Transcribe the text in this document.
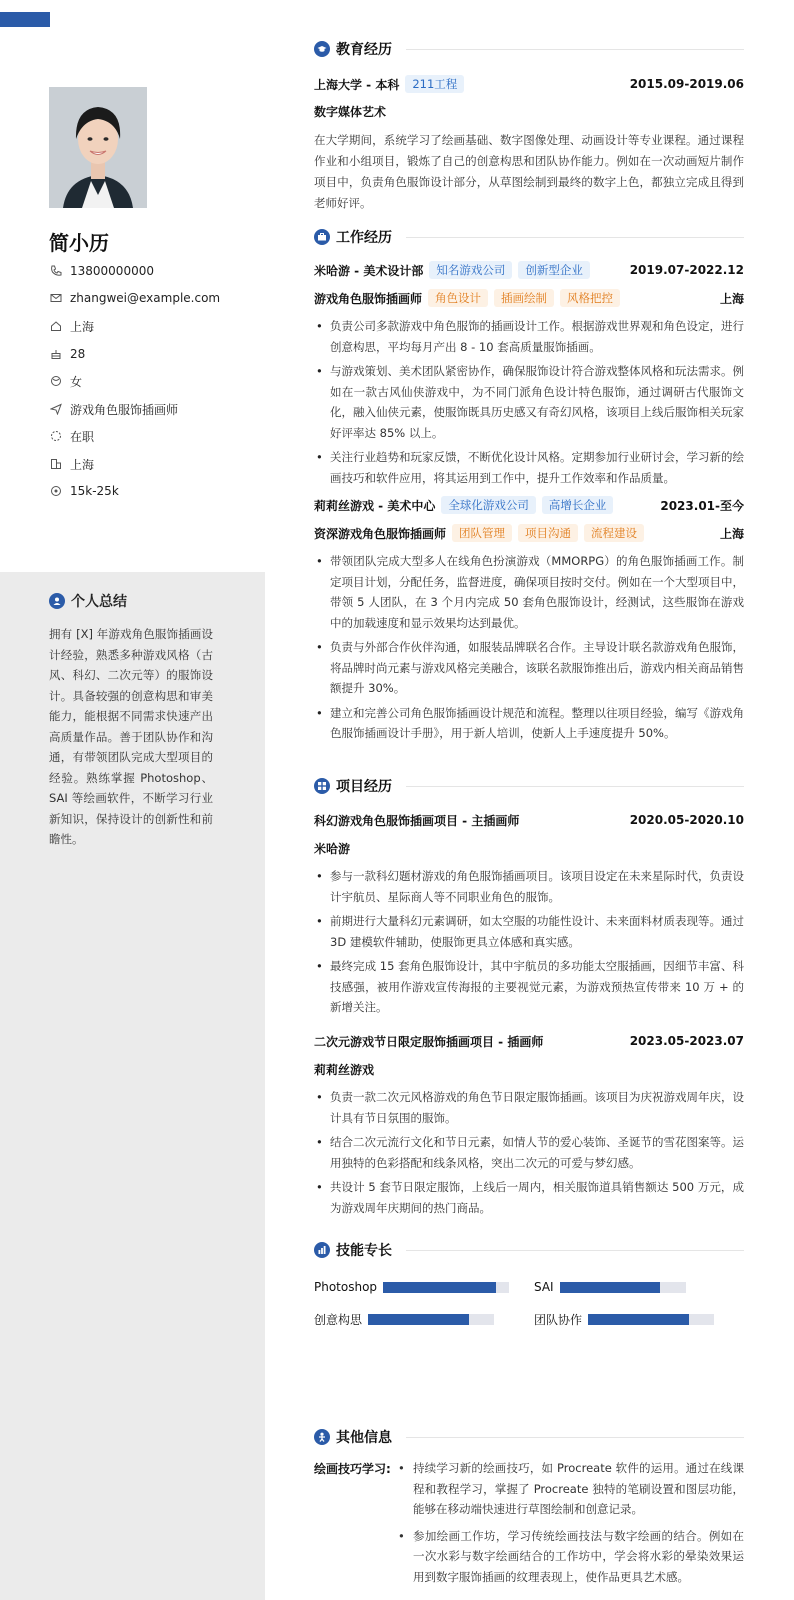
简小历
13800000000
zhangwei@example.com
上海
28
女
游戏角色服饰插画师
在职
上海
15k-25k
个人总结
拥有 [X] 年游戏角色服饰插画设计经验，熟悉多种游戏风格（古风、科幻、二次元等）的服饰设计。具备较强的创意构思和审美能力，能根据不同需求快速产出高质量作品。善于团队协作和沟通，有带领团队完成大型项目的经验。熟练掌握 Photoshop、SAI 等绘画软件，不断学习行业新知识，保持设计的创新性和前瞻性。
教育经历
上海大学 - 本科	211工程	2015.09-2019.06
数字媒体艺术
在大学期间，系统学习了绘画基础、数字图像处理、动画设计等专业课程。通过课程作业和小组项目，锻炼了自己的创意构思和团队协作能力。例如在一次动画短片制作项目中，负责角色服饰设计部分，从草图绘制到最终的数字上色，都独立完成且得到老师好评。
工作经历
米哈游 - 美术设计部	知名游戏公司	创新型企业	2019.07-2022.12
游戏角色服饰插画师	角色设计	插画绘制	风格把控	上海
• 负责公司多款游戏中角色服饰的插画设计工作。根据游戏世界观和角色设定，进行创意构思，平均每月产出 8 - 10 套高质量服饰插画。
• 与游戏策划、美术团队紧密协作，确保服饰设计符合游戏整体风格和玩法需求。例如在一款古风仙侠游戏中，为不同门派角色设计特色服饰，通过调研古代服饰文化，融入仙侠元素，使服饰既具历史感又有奇幻风格，该项目上线后服饰相关玩家好评率达 85% 以上。
• 关注行业趋势和玩家反馈，不断优化设计风格。定期参加行业研讨会，学习新的绘画技巧和软件应用，将其运用到工作中，提升工作效率和作品质量。
莉莉丝游戏 - 美术中心	全球化游戏公司	高增长企业	2023.01-至今
资深游戏角色服饰插画师	团队管理	项目沟通	流程建设	上海
• 带领团队完成大型多人在线角色扮演游戏（MMORPG）的角色服饰插画工作。制定项目计划，分配任务，监督进度，确保项目按时交付。例如在一个大型项目中，带领 5 人团队，在 3 个月内完成 50 套角色服饰设计，经测试，这些服饰在游戏中的加载速度和显示效果均达到最优。
• 负责与外部合作伙伴沟通，如服装品牌联名合作。主导设计联名款游戏角色服饰，将品牌时尚元素与游戏风格完美融合，该联名款服饰推出后，游戏内相关商品销售额提升 30%。
• 建立和完善公司角色服饰插画设计规范和流程。整理以往项目经验，编写《游戏角色服饰插画设计手册》，用于新人培训，使新人上手速度提升 50%。
项目经历
科幻游戏角色服饰插画项目 - 主插画师	2020.05-2020.10
米哈游
• 参与一款科幻题材游戏的角色服饰插画项目。该项目设定在未来星际时代，负责设计宇航员、星际商人等不同职业角色的服饰。
• 前期进行大量科幻元素调研，如太空服的功能性设计、未来面料材质表现等。通过 3D 建模软件辅助，使服饰更具立体感和真实感。
• 最终完成 15 套角色服饰设计，其中宇航员的多功能太空服插画，因细节丰富、科技感强，被用作游戏宣传海报的主要视觉元素，为游戏预热宣传带来 10 万 + 的新增关注。
二次元游戏节日限定服饰插画项目 - 插画师	2023.05-2023.07
莉莉丝游戏
• 负责一款二次元风格游戏的角色节日限定服饰插画。该项目为庆祝游戏周年庆，设计具有节日氛围的服饰。
• 结合二次元流行文化和节日元素，如情人节的爱心装饰、圣诞节的雪花图案等。运用独特的色彩搭配和线条风格，突出二次元的可爱与梦幻感。
• 共设计 5 套节日限定服饰，上线后一周内，相关服饰道具销售额达 500 万元，成为游戏周年庆期间的热门商品。
技能专长
Photoshop	SAI
创意构思	团队协作
其他信息
绘画技巧学习:
•	持续学习新的绘画技巧，如 Procreate 软件的运用。通过在线课程和教程学习，掌握了 Procreate 独特的笔刷设置和图层功能，能够在移动端快速进行草图绘制和创意记录。
• 参加绘画工作坊，学习传统绘画技法与数字绘画的结合。例如在一次水彩与数字绘画结合的工作坊中，学会将水彩的晕染效果运用到数字服饰插画的纹理表现上，使作品更具艺术感。
